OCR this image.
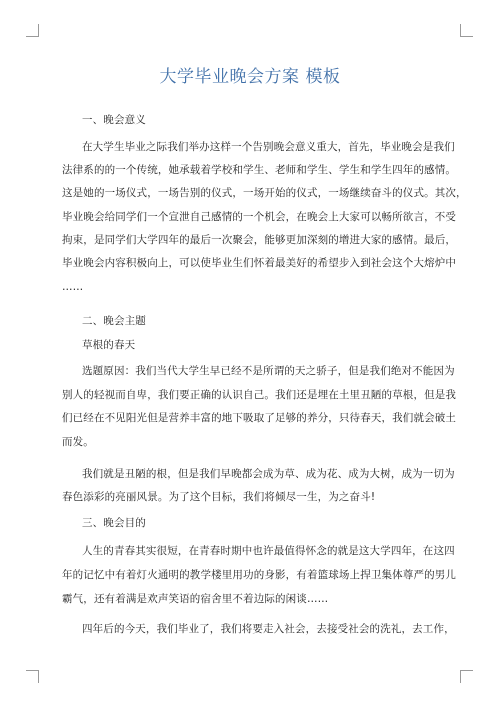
大学毕业晚会方案 模板
一、晚会意义
在大学生毕业之际我们举办这样一个告别晚会意义重大，首先，毕业晚会是我们
法律系的的一个传统，她承载着学校和学生、老师和学生、学生和学生四年的感情。
这是她的一场仪式，一场告别的仪式，一场开始的仪式，一场继续奋斗的仪式。其次，
毕业晚会给同学们一个宣泄自己感情的一个机会，在晚会上大家可以畅所欲言，不受
拘束，是同学们大学四年的最后一次聚会，能够更加深刻的增进大家的感情。最后，
毕业晚会内容积极向上，可以使毕业生们怀着最美好的希望步入到社会这个大熔炉中
……
二、晚会主题
草根的春天
选题原因：我们当代大学生早已经不是所谓的天之骄子，但是我们绝对不能因为
别人的轻视而自卑，我们要正确的认识自己。我们还是埋在土里丑陋的草根，但是我
们已经在不见阳光但是营养丰富的地下吸取了足够的养分，只待春天，我们就会破土
而发。
我们就是丑陋的根，但是我们早晚都会成为草、成为花、成为大树，成为一切为
春色添彩的亮丽风景。为了这个目标，我们将倾尽一生，为之奋斗!
三、晚会目的
人生的青春其实很短，在青春时期中也许最值得怀念的就是这大学四年，在这四
年的记忆中有着灯火通明的教学楼里用功的身影，有着篮球场上捍卫集体尊严的男儿
霸气，还有着满是欢声笑语的宿舍里不着边际的闲谈……
四年后的今天，我们毕业了，我们将要走入社会，去接受社会的洗礼，去工作，
